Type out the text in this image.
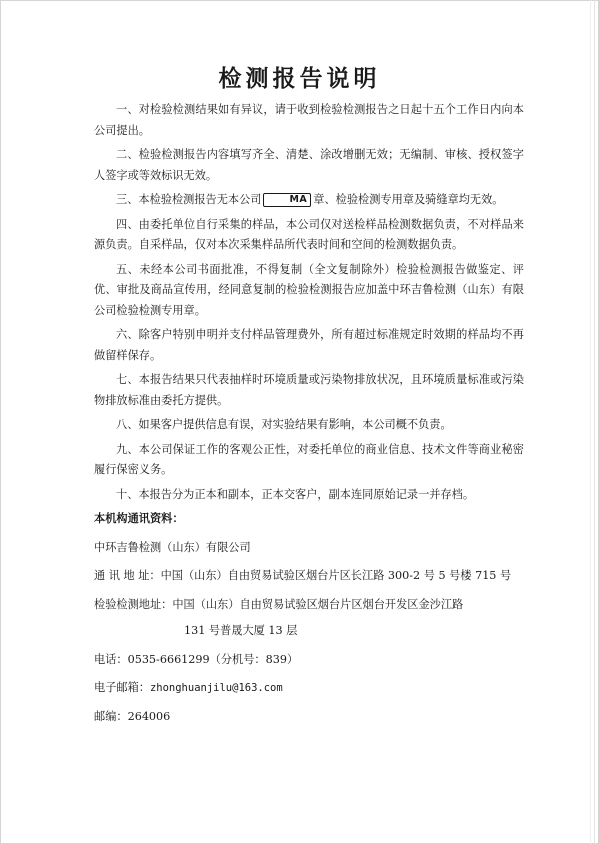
检测报告说明

一、对检验检测结果如有异议，请于收到检验检测报告之日起十五个工作日内向本公司提出。

二、检验检测报告内容填写齐全、清楚、涂改增删无效；无编制、审核、授权签字人签字或等效标识无效。

三、本检验检测报告无本公司	MA 章、检验检测专用章及骑缝章均无效。

四、由委托单位自行采集的样品，本公司仅对送检样品检测数据负责，不对样品来源负责。自采样品，仅对本次采集样品所代表时间和空间的检测数据负责。

五、未经本公司书面批准，不得复制（全文复制除外）检验检测报告做鉴定、评优、审批及商品宣传用，经同意复制的检验检测报告应加盖中环吉鲁检测（山东）有限公司检验检测专用章。

六、除客户特别申明并支付样品管理费外，所有超过标准规定时效期的样品均不再做留样保存。

七、本报告结果只代表抽样时环境质量或污染物排放状况，且环境质量标准或污染物排放标准由委托方提供。

八、如果客户提供信息有误，对实验结果有影响，本公司概不负责。

九、本公司保证工作的客观公正性，对委托单位的商业信息、技术文件等商业秘密履行保密义务。

十、本报告分为正本和副本，正本交客户，副本连同原始记录一并存档。

本机构通讯资料：
中环吉鲁检测（山东）有限公司
通 讯 地 址：中国（山东）自由贸易试验区烟台片区长江路 300-2 号 5 号楼 715 号
检验检测地址：中国（山东）自由贸易试验区烟台片区烟台开发区金沙江路
131 号普晟大厦 13 层
电话：0535-6661299（分机号：839）
电子邮箱：zhonghuanjilu@163.com
邮编：264006
